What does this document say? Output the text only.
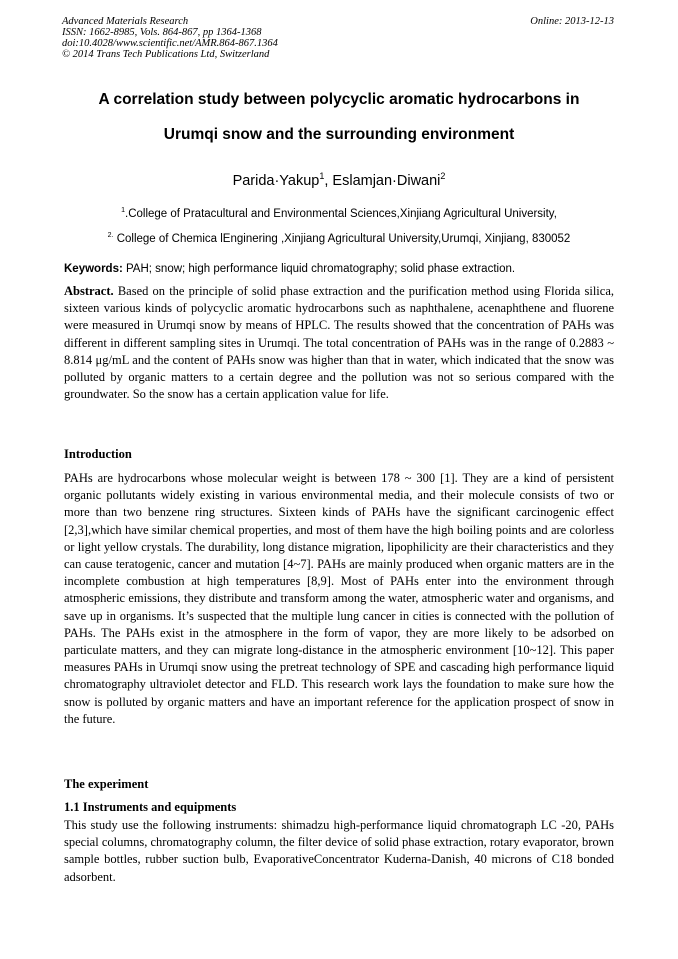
Advanced Materials Research
ISSN: 1662-8985, Vols. 864-867, pp 1364-1368
doi:10.4028/www.scientific.net/AMR.864-867.1364
© 2014 Trans Tech Publications Ltd, Switzerland
Online: 2013-12-13
A correlation study between polycyclic aromatic hydrocarbons in
Urumqi snow and the surrounding environment
Parida·Yakup$^1$, Eslamjan·Diwani$^2$
$^1$.College of Pratacultural and Environmental Sciences,Xinjiang Agricultural University,
$^{2.}$ College of Chemica lEnginering ,Xinjiang Agricultural University,Urumqi, Xinjiang, 830052
Keywords: PAH; snow; high performance liquid chromatography; solid phase extraction.
Abstract. Based on the principle of solid phase extraction and the purification method using Florida silica, sixteen various kinds of polycyclic aromatic hydrocarbons such as naphthalene, acenaphthene and fluorene were measured in Urumqi snow by means of HPLC. The results showed that the concentration of PAHs was different in different sampling sites in Urumqi. The total concentration of PAHs was in the range of 0.2883 ~ 8.814 μg/mL and the content of PAHs snow was higher than that in water, which indicated that the snow was polluted by organic matters to a certain degree and the pollution was not so serious compared with the groundwater. So the snow has a certain application value for life.
Introduction
PAHs are hydrocarbons whose molecular weight is between 178 ~ 300 [1]. They are a kind of persistent organic pollutants widely existing in various environmental media, and their molecule consists of two or more than two benzene ring structures. Sixteen kinds of PAHs have the significant carcinogenic effect [2,3],which have similar chemical properties, and most of them have the high boiling points and are colorless or light yellow crystals. The durability, long distance migration, lipophilicity are their characteristics and they can cause teratogenic, cancer and mutation [4~7]. PAHs are mainly produced when organic matters are in the incomplete combustion at high temperatures [8,9]. Most of PAHs enter into the environment through atmospheric emissions, they distribute and transform among the water, atmospheric water and organisms, and save up in organisms. It’s suspected that the multiple lung cancer in cities is connected with the pollution of PAHs. The PAHs exist in the atmosphere in the form of vapor, they are more likely to be adsorbed on particulate matters, and they can migrate long-distance in the atmospheric environment [10~12]. This paper measures PAHs in Urumqi snow using the pretreat technology of SPE and cascading high performance liquid chromatography ultraviolet detector and FLD. This research work lays the foundation to make sure how the snow is polluted by organic matters and have an important reference for the application prospect of snow in the future.
The experiment
1.1 Instruments and equipments
This study use the following instruments: shimadzu high-performance liquid chromatograph LC -20, PAHs special columns, chromatography column, the filter device of solid phase extraction, rotary evaporator, brown sample bottles, rubber suction bulb, EvaporativeConcentrator Kuderna-Danish, 40 microns of C18 bonded adsorbent.
